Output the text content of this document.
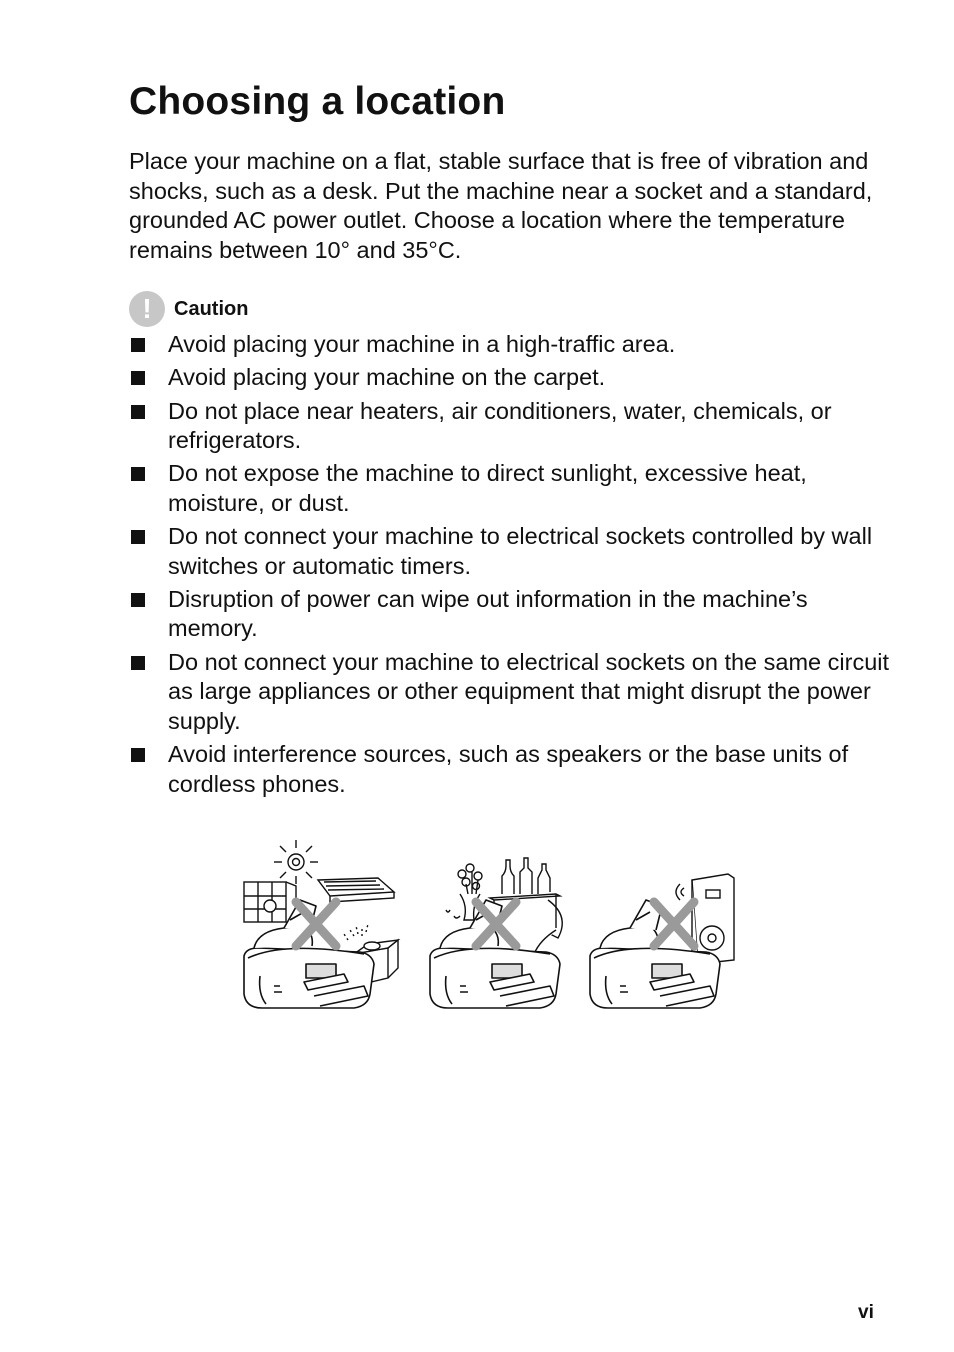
Choosing a location

Place your machine on a flat, stable surface that is free of vibration and shocks, such as a desk. Put the machine near a socket and a standard, grounded AC power outlet. Choose a location where the temperature remains between 10° and 35°C.

!	Caution
Avoid placing your machine in a high-traffic area.
Avoid placing your machine on the carpet.
Do not place near heaters, air conditioners, water, chemicals, or refrigerators.
Do not expose the machine to direct sunlight, excessive heat, moisture, or dust.
Do not connect your machine to electrical sockets controlled by wall switches or automatic timers.
Disruption of power can wipe out information in the machine’s memory.
Do not connect your machine to electrical sockets on the same circuit as large appliances or other equipment that might disrupt the power supply.
Avoid interference sources, such as speakers or the base units of cordless phones.
vi
